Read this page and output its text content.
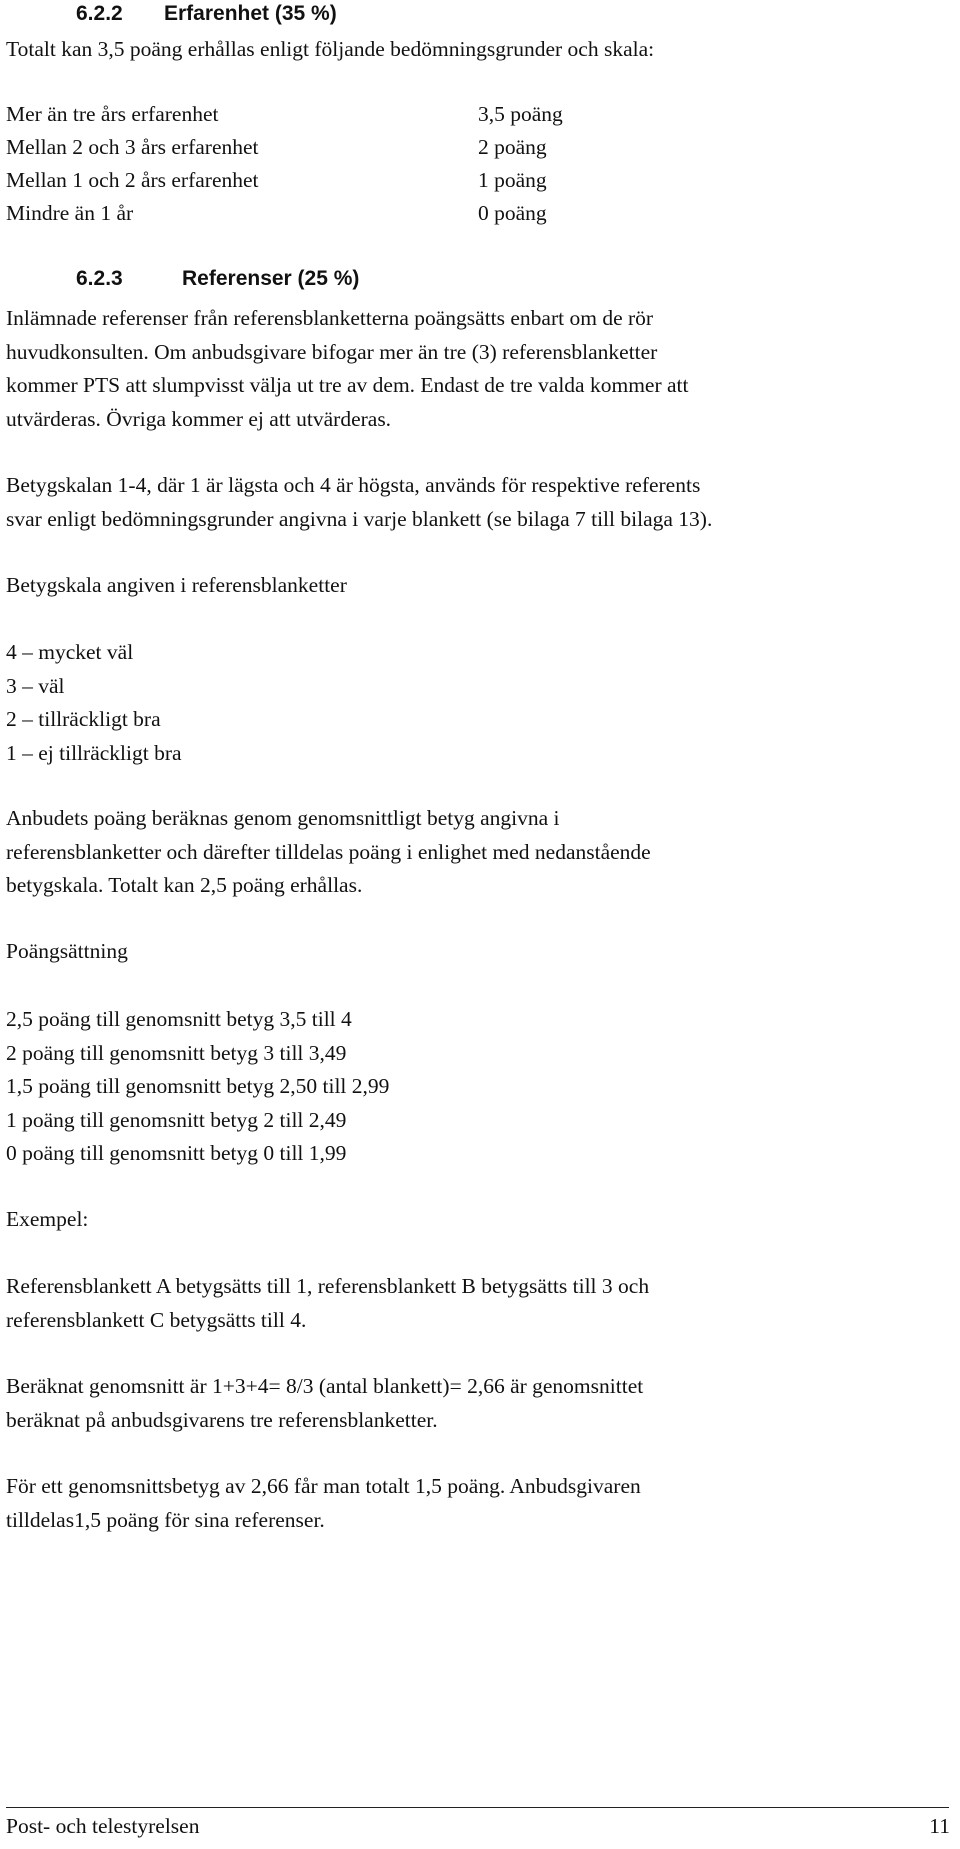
6.2.2 Erfarenhet (35 %)
Totalt kan 3,5 poäng erhållas enligt följande bedömningsgrunder och skala:
Mer än tre års erfarenhet	3,5 poäng
Mellan 2 och 3 års erfarenhet	2 poäng
Mellan 1 och 2 års erfarenhet	1 poäng
Mindre än 1 år	0 poäng
6.2.3	Referenser (25 %)
Inlämnade referenser från referensblanketterna poängsätts enbart om de rör
huvudkonsulten. Om anbudsgivare bifogar mer än tre (3) referensblanketter
kommer PTS att slumpvisst välja ut tre av dem. Endast de tre valda kommer att
utvärderas. Övriga kommer ej att utvärderas.
Betygskalan 1-4, där 1 är lägsta och 4 är högsta, används för respektive referents
svar enligt bedömningsgrunder angivna i varje blankett (se bilaga 7 till bilaga 13).
Betygskala angiven i referensblanketter
4 – mycket väl
3 – väl
2 – tillräckligt bra
1 – ej tillräckligt bra
Anbudets poäng beräknas genom genomsnittligt betyg angivna i
referensblanketter och därefter tilldelas poäng i enlighet med nedanstående
betygskala. Totalt kan 2,5 poäng erhållas.
Poängsättning
2,5 poäng till genomsnitt betyg 3,5 till 4
2 poäng till genomsnitt betyg 3 till 3,49
1,5 poäng till genomsnitt betyg 2,50 till 2,99
1 poäng till genomsnitt betyg 2 till 2,49
0 poäng till genomsnitt betyg 0 till 1,99
Exempel:
Referensblankett A betygsätts till 1, referensblankett B betygsätts till 3 och
referensblankett C betygsätts till 4.
Beräknat genomsnitt är 1+3+4= 8/3 (antal blankett)= 2,66 är genomsnittet
beräknat på anbudsgivarens tre referensblanketter.
För ett genomsnittsbetyg av 2,66 får man totalt 1,5 poäng. Anbudsgivaren
tilldelas1,5 poäng för sina referenser.
Post- och telestyrelsen	11
